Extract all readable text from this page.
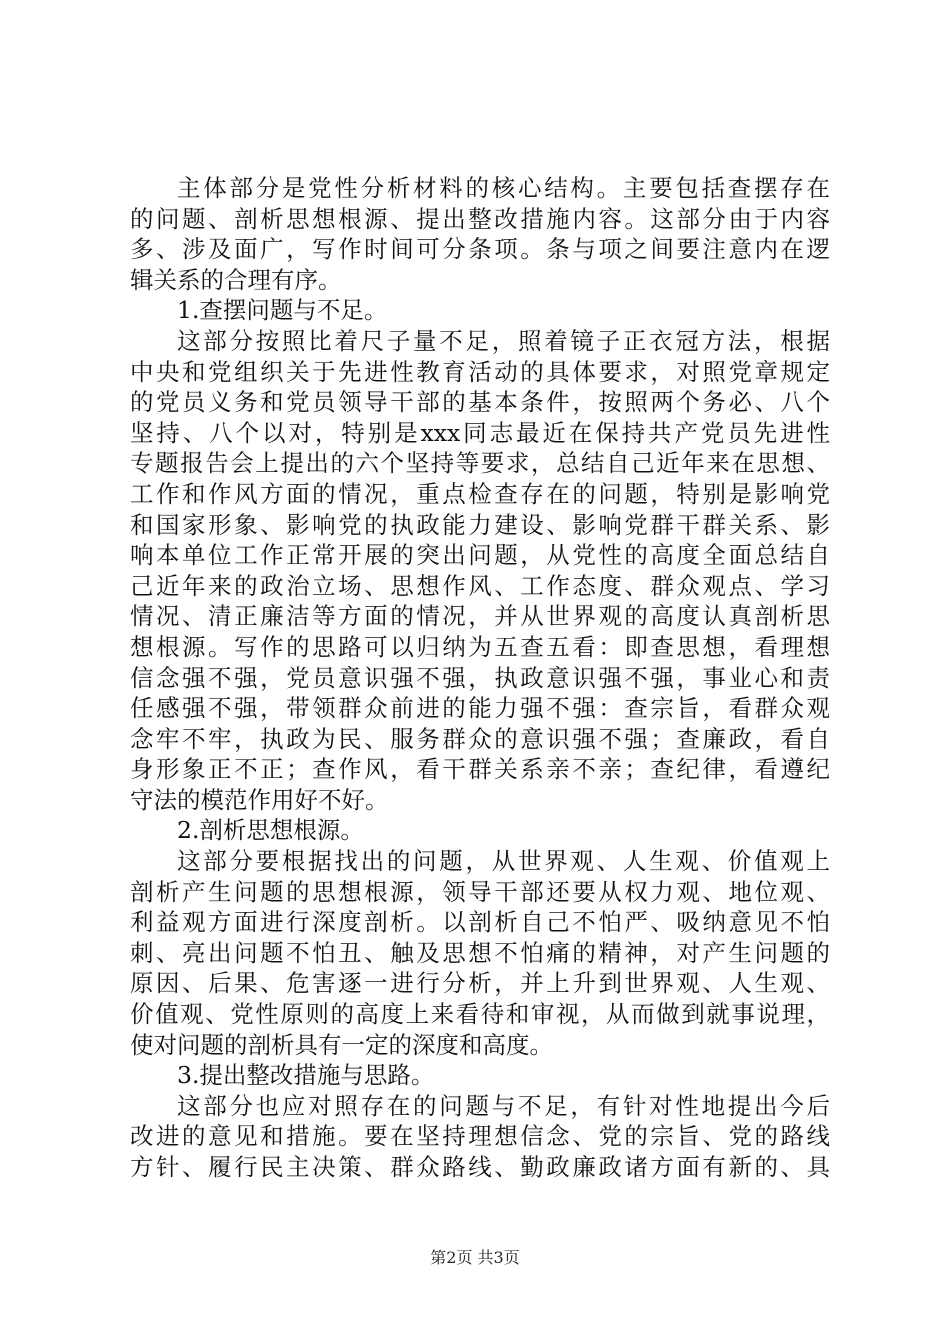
主体部分是党性分析材料的核心结构。主要包括查摆存在
的问题、剖析思想根源、提出整改措施内容。这部分由于内容
多、涉及面广，写作时间可分条项。条与项之间要注意内在逻
辑关系的合理有序。
1.查摆问题与不足。
这部分按照比着尺子量不足，照着镜子正衣冠方法，根据
中央和党组织关于先进性教育活动的具体要求，对照党章规定
的党员义务和党员领导干部的基本条件，按照两个务必、八个
坚持、八个以对，特别是xxx同志最近在保持共产党员先进性
专题报告会上提出的六个坚持等要求，总结自己近年来在思想、
工作和作风方面的情况，重点检查存在的问题，特别是影响党
和国家形象、影响党的执政能力建设、影响党群干群关系、影
响本单位工作正常开展的突出问题，从党性的高度全面总结自
己近年来的政治立场、思想作风、工作态度、群众观点、学习
情况、清正廉洁等方面的情况，并从世界观的高度认真剖析思
想根源。写作的思路可以归纳为五查五看：即查思想，看理想
信念强不强，党员意识强不强，执政意识强不强，事业心和责
任感强不强，带领群众前进的能力强不强：查宗旨，看群众观
念牢不牢，执政为民、服务群众的意识强不强；查廉政，看自
身形象正不正；查作风，看干群关系亲不亲；查纪律，看遵纪
守法的模范作用好不好。
2.剖析思想根源。
这部分要根据找出的问题，从世界观、人生观、价值观上
剖析产生问题的思想根源，领导干部还要从权力观、地位观、
利益观方面进行深度剖析。以剖析自己不怕严、吸纳意见不怕
刺、亮出问题不怕丑、触及思想不怕痛的精神，对产生问题的
原因、后果、危害逐一进行分析，并上升到世界观、人生观、
价值观、党性原则的高度上来看待和审视，从而做到就事说理，
使对问题的剖析具有一定的深度和高度。
3.提出整改措施与思路。
这部分也应对照存在的问题与不足，有针对性地提出今后
改进的意见和措施。要在坚持理想信念、党的宗旨、党的路线
方针、履行民主决策、群众路线、勤政廉政诸方面有新的、具
第2页 共3页
